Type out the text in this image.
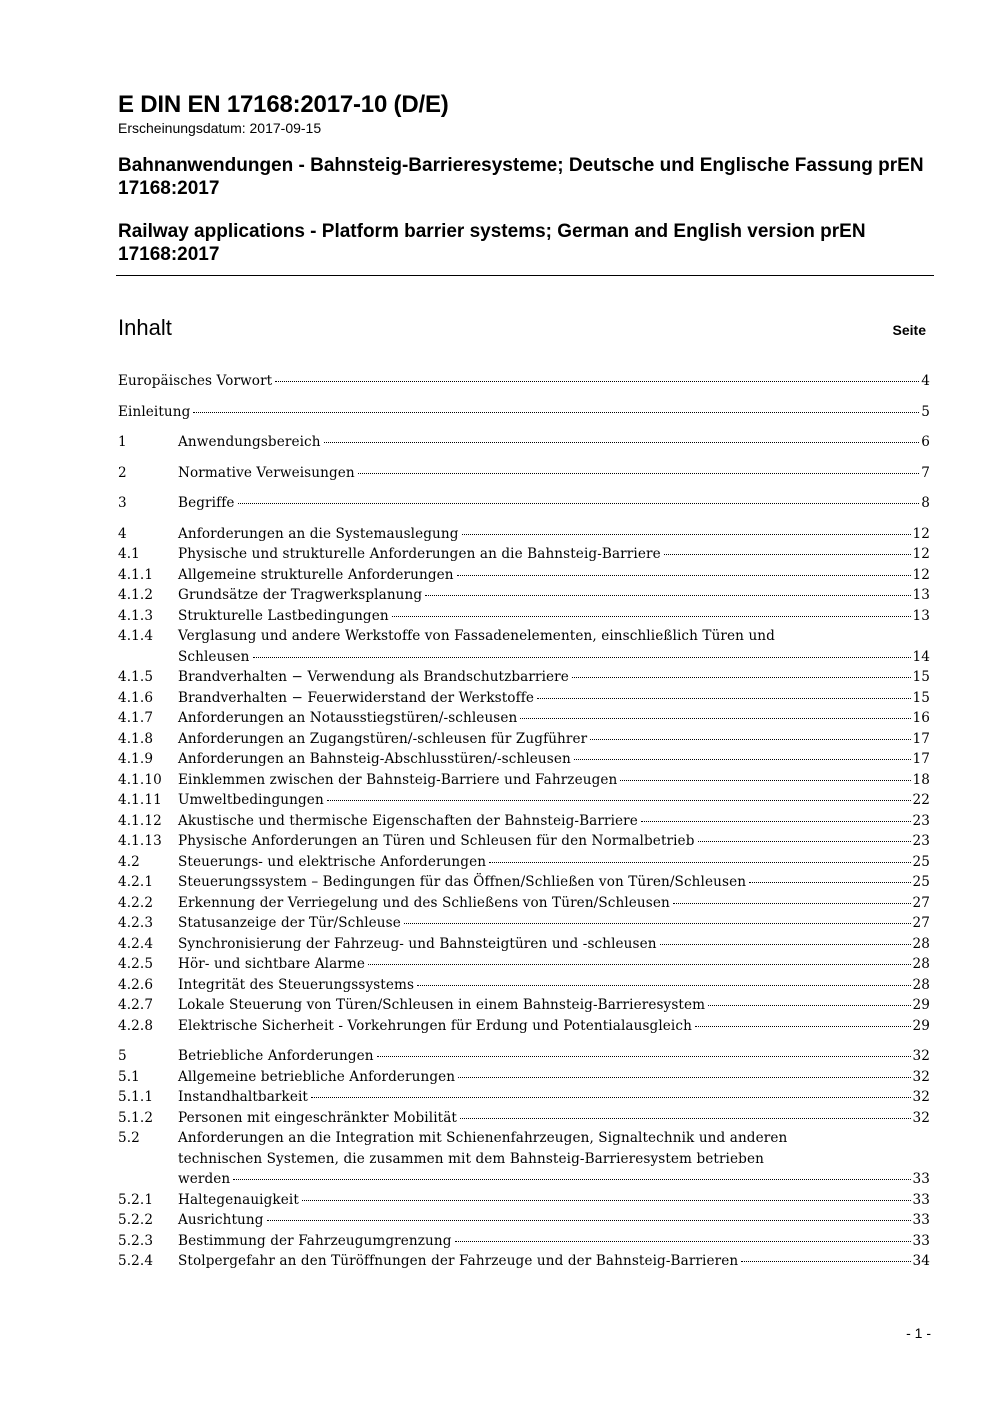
E DIN EN 17168:2017-10 (D/E)
Erscheinungsdatum: 2017-09-15
Bahnanwendungen - Bahnsteig-Barrieresysteme; Deutsche und Englische Fassung prEN 17168:2017
Railway applications - Platform barrier systems; German and English version prEN 17168:2017
Inhalt	Seite
Europäisches Vorwort	4
Einleitung	5
1	Anwendungsbereich	6
2	Normative Verweisungen	7
3	Begriffe	8
4	Anforderungen an die Systemauslegung	12
4.1	Physische und strukturelle Anforderungen an die Bahnsteig-Barriere	12
4.1.1	Allgemeine strukturelle Anforderungen	12
4.1.2	Grundsätze der Tragwerksplanung	13
4.1.3	Strukturelle Lastbedingungen	13
4.1.4	Verglasung und andere Werkstoffe von Fassadenelementen, einschließlich Türen und
Schleusen	14
4.1.5	Brandverhalten − Verwendung als Brandschutzbarriere	15
4.1.6	Brandverhalten − Feuerwiderstand der Werkstoffe	15
4.1.7	Anforderungen an Notausstiegstüren/-schleusen	16
4.1.8	Anforderungen an Zugangstüren/-schleusen für Zugführer	17
4.1.9	Anforderungen an Bahnsteig-Abschlusstüren/-schleusen	17
4.1.10	Einklemmen zwischen der Bahnsteig-Barriere und Fahrzeugen	18
4.1.11	Umweltbedingungen	22
4.1.12	Akustische und thermische Eigenschaften der Bahnsteig-Barriere	23
4.1.13	Physische Anforderungen an Türen und Schleusen für den Normalbetrieb	23
4.2	Steuerungs- und elektrische Anforderungen	25
4.2.1	Steuerungssystem – Bedingungen für das Öffnen/Schließen von Türen/Schleusen	25
4.2.2	Erkennung der Verriegelung und des Schließens von Türen/Schleusen	27
4.2.3	Statusanzeige der Tür/Schleuse	27
4.2.4	Synchronisierung der Fahrzeug- und Bahnsteigtüren und -schleusen	28
4.2.5	Hör- und sichtbare Alarme	28
4.2.6	Integrität des Steuerungssystems	28
4.2.7	Lokale Steuerung von Türen/Schleusen in einem Bahnsteig-Barrieresystem	29
4.2.8	Elektrische Sicherheit - Vorkehrungen für Erdung und Potentialausgleich	29
5	Betriebliche Anforderungen	32
5.1	Allgemeine betriebliche Anforderungen	32
5.1.1	Instandhaltbarkeit	32
5.1.2	Personen mit eingeschränkter Mobilität	32
5.2	Anforderungen an die Integration mit Schienenfahrzeugen, Signaltechnik und anderen
technischen Systemen, die zusammen mit dem Bahnsteig-Barrieresystem betrieben
werden	33
5.2.1	Haltegenauigkeit	33
5.2.2	Ausrichtung	33
5.2.3	Bestimmung der Fahrzeugumgrenzung	33
5.2.4	Stolpergefahr an den Türöffnungen der Fahrzeuge und der Bahnsteig-Barrieren	34
- 1 -
